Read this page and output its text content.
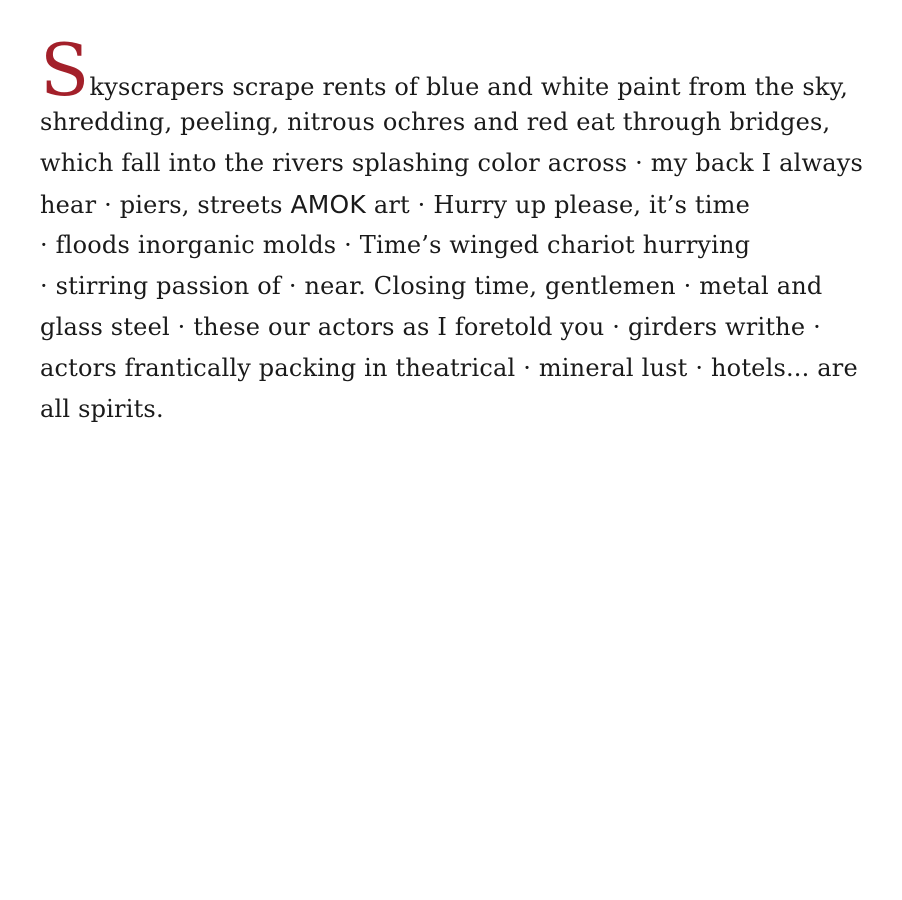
Skyscrapers scrape rents of blue and white paint from the sky,
shredding, peeling, nitrous ochres and red eat through bridges,
which fall into the rivers splashing color across · my back I always
hear · piers, streets AMOK art · Hurry up please, it’s time
· floods inorganic molds · Time’s winged chariot hurrying
· stirring passion of · near. Closing time, gentlemen · metal and
glass steel · these our actors as I foretold you · girders writhe ·
actors frantically packing in theatrical · mineral lust · hotels... are
all spirits.
